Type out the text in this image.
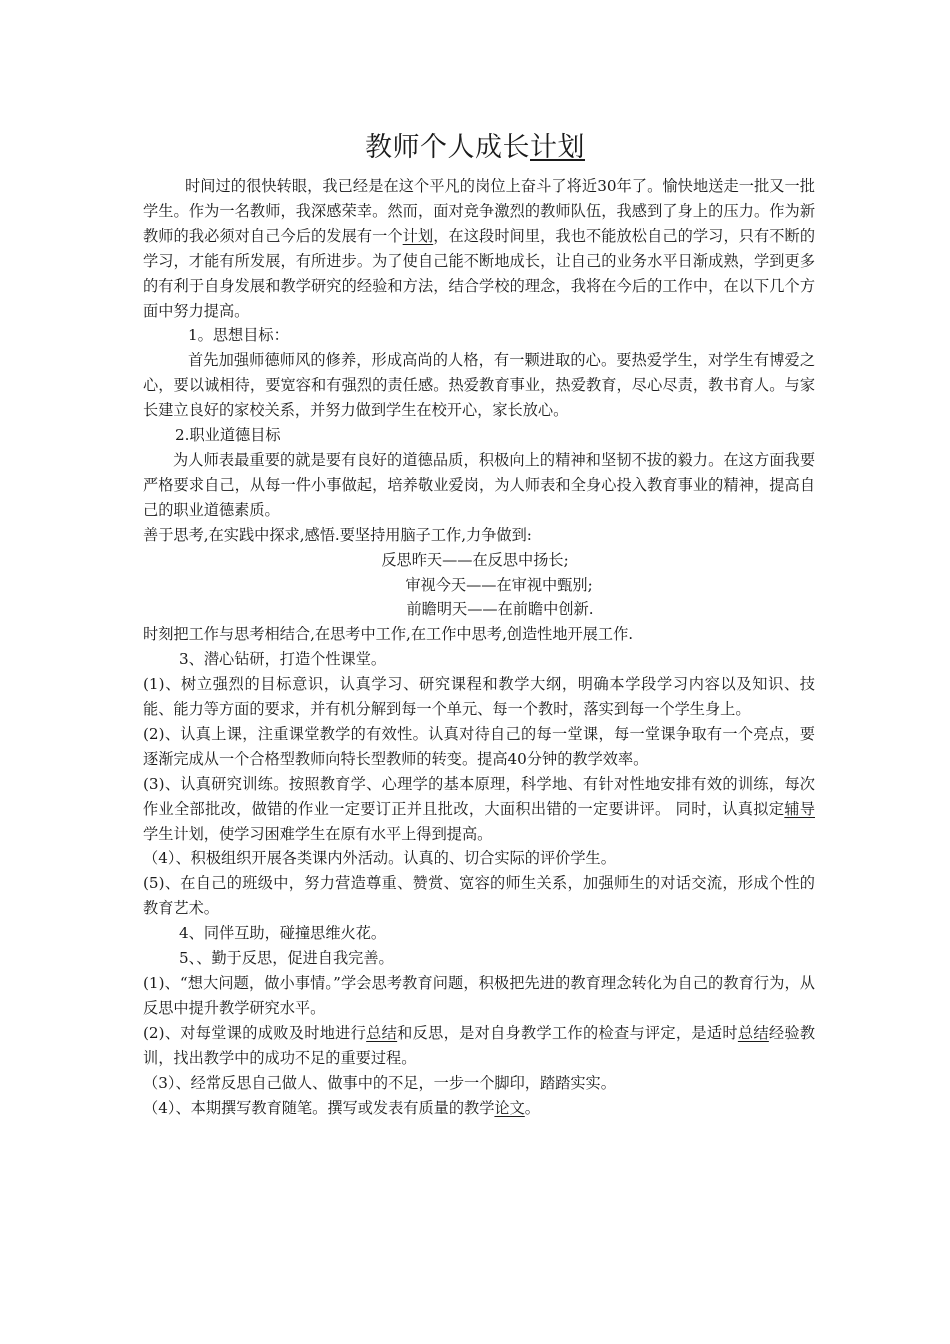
教师个人成长计划

时间过的很快转眼，我已经是在这个平凡的岗位上奋斗了将近30年了。愉快地送走一批又一批学生。作为一名教师，我深感荣幸。然而，面对竞争激烈的教师队伍，我感到了身上的压力。作为新教师的我必须对自己今后的发展有一个计划，在这段时间里，我也不能放松自己的学习，只有不断的学习，才能有所发展，有所进步。为了使自己能不断地成长，让自己的业务水平日渐成熟，学到更多的有利于自身发展和教学研究的经验和方法，结合学校的理念，我将在今后的工作中，在以下几个方面中努力提高。

1。思想目标：

首先加强师德师风的修养，形成高尚的人格，有一颗进取的心。要热爱学生，对学生有博爱之心，要以诚相待，要宽容和有强烈的责任感。热爱教育事业，热爱教育，尽心尽责，教书育人。与家长建立良好的家校关系，并努力做到学生在校开心，家长放心。

2.职业道德目标

为人师表最重要的就是要有良好的道德品质，积极向上的精神和坚韧不拔的毅力。在这方面我要严格要求自己，从每一件小事做起，培养敬业爱岗，为人师表和全身心投入教育事业的精神，提高自己的职业道德素质。

善于思考,在实践中探求,感悟.要坚持用脑子工作,力争做到:

反思昨天——在反思中扬长;

审视今天——在审视中甄别;

前瞻明天——在前瞻中创新.

时刻把工作与思考相结合,在思考中工作,在工作中思考,创造性地开展工作.

3、潜心钻研，打造个性课堂。

(1)、树立强烈的目标意识，认真学习、研究课程和教学大纲，明确本学段学习内容以及知识、技能、能力等方面的要求，并有机分解到每一个单元、每一个教时，落实到每一个学生身上。

(2)、认真上课，注重课堂教学的有效性。认真对待自己的每一堂课，每一堂课争取有一个亮点，要逐渐完成从一个合格型教师向特长型教师的转变。提高40分钟的教学效率。

(3)、认真研究训练。按照教育学、心理学的基本原理，科学地、有针对性地安排有效的训练，每次作业全部批改，做错的作业一定要订正并且批改，大面积出错的一定要讲评。 同时，认真拟定辅导学生计划，使学习困难学生在原有水平上得到提高。

（4）、积极组织开展各类课内外活动。认真的、切合实际的评价学生。

(5)、在自己的班级中，努力营造尊重、赞赏、宽容的师生关系，加强师生的对话交流，形成个性的教育艺术。

4、同伴互助，碰撞思维火花。

5、、勤于反思，促进自我完善。

(1)、“想大问题，做小事情。”学会思考教育问题，积极把先进的教育理念转化为自己的教育行为，从反思中提升教学研究水平。

(2)、对每堂课的成败及时地进行总结和反思，是对自身教学工作的检查与评定，是适时总结经验教训，找出教学中的成功不足的重要过程。

（3）、经常反思自己做人、做事中的不足，一步一个脚印，踏踏实实。

（4）、本期撰写教育随笔。撰写或发表有质量的教学论文。
